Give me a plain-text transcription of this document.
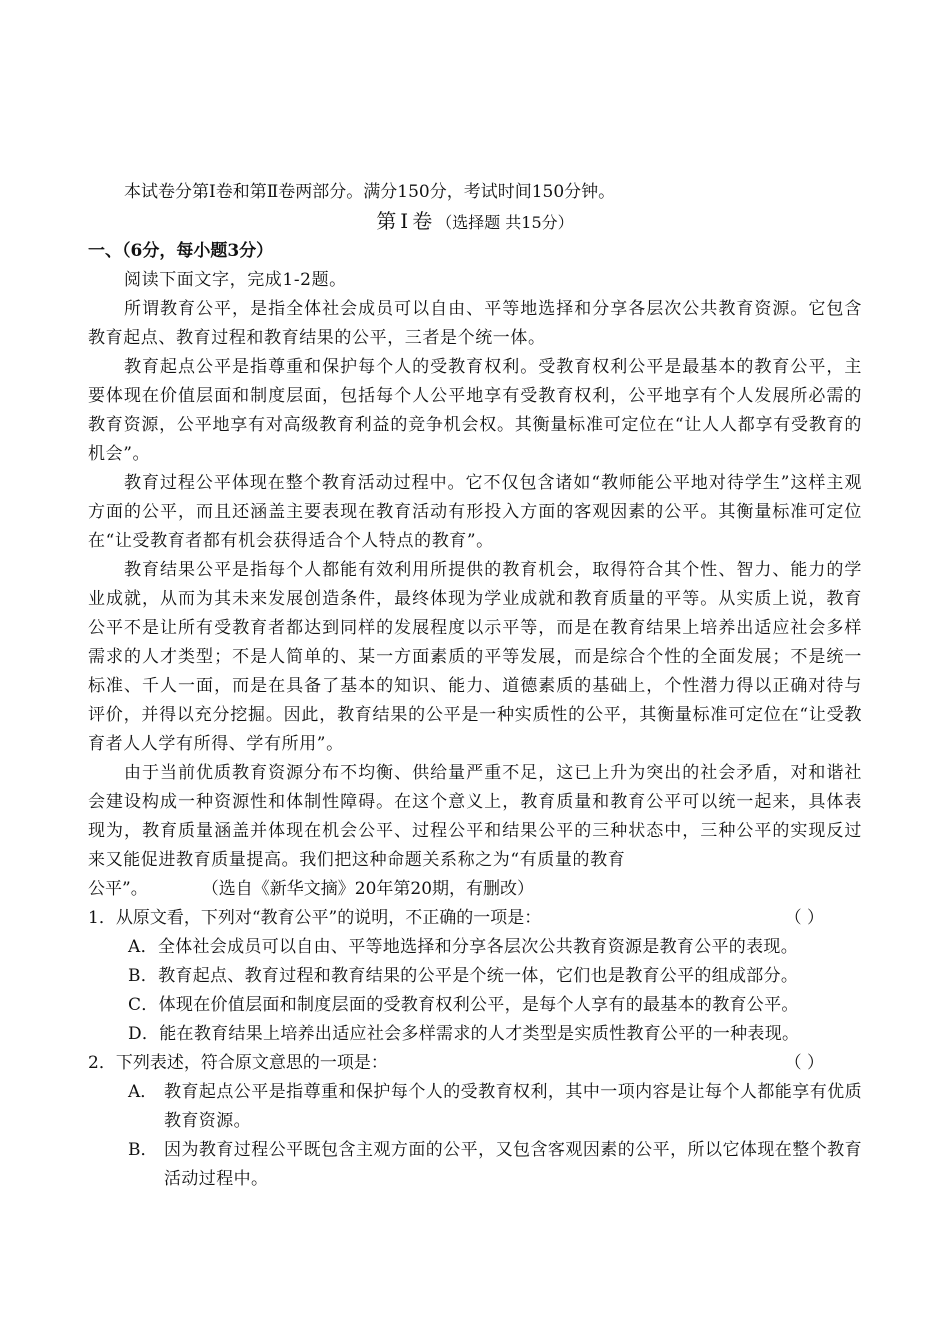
本试卷分第Ⅰ卷和第Ⅱ卷两部分。满分150分，考试时间150分钟。

第Ⅰ卷（选择题 共15分）

一、（6分，每小题3分）

阅读下面文字，完成1-2题。

所谓教育公平，是指全体社会成员可以自由、平等地选择和分享各层次公共教育资源。它包含教育起点、教育过程和教育结果的公平，三者是个统一体。

教育起点公平是指尊重和保护每个人的受教育权利。受教育权利公平是最基本的教育公平，主要体现在价值层面和制度层面，包括每个人公平地享有受教育权利，公平地享有个人发展所必需的教育资源，公平地享有对高级教育利益的竞争机会权。其衡量标准可定位在“让人人都享有受教育的机会”。

教育过程公平体现在整个教育活动过程中。它不仅包含诸如“教师能公平地对待学生”这样主观方面的公平，而且还涵盖主要表现在教育活动有形投入方面的客观因素的公平。其衡量标准可定位在“让受教育者都有机会获得适合个人特点的教育”。

教育结果公平是指每个人都能有效利用所提供的教育机会，取得符合其个性、智力、能力的学业成就，从而为其未来发展创造条件，最终体现为学业成就和教育质量的平等。从实质上说，教育公平不是让所有受教育者都达到同样的发展程度以示平等，而是在教育结果上培养出适应社会多样需求的人才类型；不是人简单的、某一方面素质的平等发展，而是综合个性的全面发展；不是统一标准、千人一面，而是在具备了基本的知识、能力、道德素质的基础上，个性潜力得以正确对待与评价，并得以充分挖掘。因此，教育结果的公平是一种实质性的公平，其衡量标准可定位在“让受教育者人人学有所得、学有所用”。

由于当前优质教育资源分布不均衡、供给量严重不足，这已上升为突出的社会矛盾，对和谐社会建设构成一种资源性和体制性障碍。在这个意义上，教育质量和教育公平可以统一起来，具体表现为，教育质量涵盖并体现在机会公平、过程公平和结果公平的三种状态中，三种公平的实现反过来又能促进教育质量提高。我们把这种命题关系称之为“有质量的教育

公平”。	（选自《新华文摘》20年第20期，有删改）

1．从原文看，下列对“教育公平”的说明，不正确的一项是：	（ ）

A．全体社会成员可以自由、平等地选择和分享各层次公共教育资源是教育公平的表现。

B．教育起点、教育过程和教育结果的公平是个统一体，它们也是教育公平的组成部分。

C．体现在价值层面和制度层面的受教育权利公平，是每个人享有的最基本的教育公平。

D．能在教育结果上培养出适应社会多样需求的人才类型是实质性教育公平的一种表现。

2．下列表述，符合原文意思的一项是：	（ ）
A． 教育起点公平是指尊重和保护每个人的受教育权利，其中一项内容是让每个人都能享有优质教育资源。
B． 因为教育过程公平既包含主观方面的公平，又包含客观因素的公平，所以它体现在整个教育活动过程中。
